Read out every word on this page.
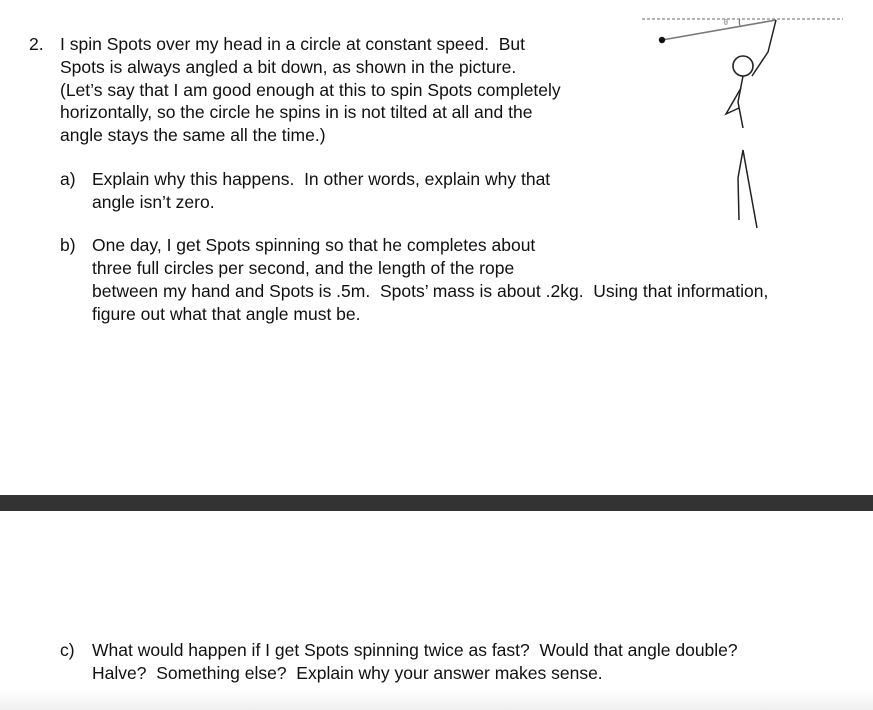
2. I spin Spots over my head in a circle at constant speed.  But

Spots is always angled a bit down, as shown in the picture.

(Let’s say that I am good enough at this to spin Spots completely

horizontally, so the circle he spins in is not tilted at all and the

angle stays the same all the time.)

a) Explain why this happens.  In other words, explain why that

angle isn’t zero.

b) One day, I get Spots spinning so that he completes about

three full circles per second, and the length of the rope

between my hand and Spots is .5m.  Spots’ mass is about .2kg.  Using that information,

figure out what that angle must be.

θ
c) What would happen if I get Spots spinning twice as fast?  Would that angle double?

Halve?  Something else?  Explain why your answer makes sense.
